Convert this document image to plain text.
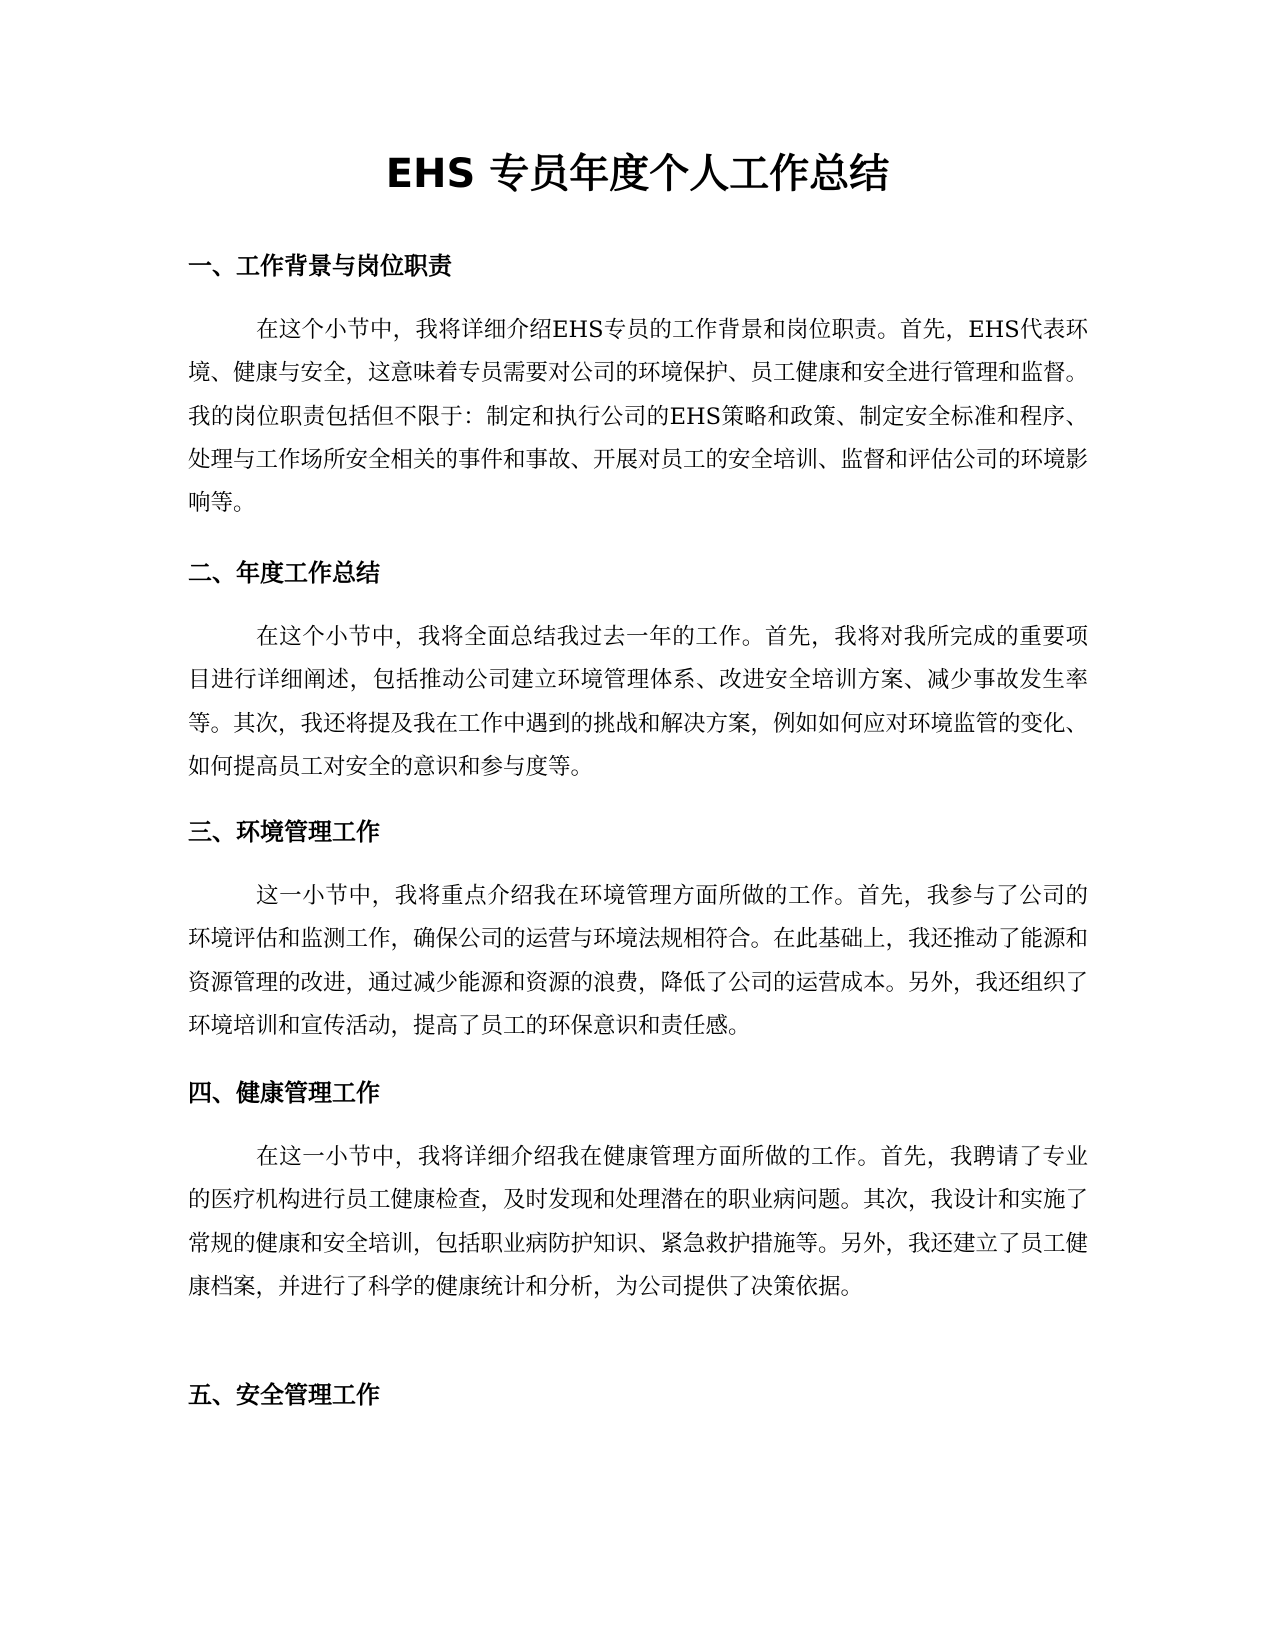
EHS 专员年度个人工作总结
一、工作背景与岗位职责

在这个小节中，我将详细介绍EHS专员的工作背景和岗位职责。首先，EHS代表环境、健康与安全，这意味着专员需要对公司的环境保护、员工健康和安全进行管理和监督。我的岗位职责包括但不限于：制定和执行公司的EHS策略和政策、制定安全标准和程序、处理与工作场所安全相关的事件和事故、开展对员工的安全培训、监督和评估公司的环境影响等。

二、年度工作总结

在这个小节中，我将全面总结我过去一年的工作。首先，我将对我所完成的重要项目进行详细阐述，包括推动公司建立环境管理体系、改进安全培训方案、减少事故发生率等。其次，我还将提及我在工作中遇到的挑战和解决方案，例如如何应对环境监管的变化、如何提高员工对安全的意识和参与度等。

三、环境管理工作

这一小节中，我将重点介绍我在环境管理方面所做的工作。首先，我参与了公司的环境评估和监测工作，确保公司的运营与环境法规相符合。在此基础上，我还推动了能源和资源管理的改进，通过减少能源和资源的浪费，降低了公司的运营成本。另外，我还组织了环境培训和宣传活动，提高了员工的环保意识和责任感。

四、健康管理工作

在这一小节中，我将详细介绍我在健康管理方面所做的工作。首先，我聘请了专业的医疗机构进行员工健康检查，及时发现和处理潜在的职业病问题。其次，我设计和实施了常规的健康和安全培训，包括职业病防护知识、紧急救护措施等。另外，我还建立了员工健康档案，并进行了科学的健康统计和分析，为公司提供了决策依据。

五、安全管理工作
